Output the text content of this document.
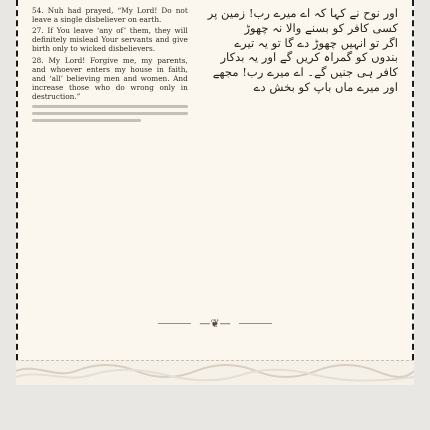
54. Nuh had prayed, “My Lord! Do not leave a single disbeliever on earth.

27. If You leave ‘any of’ them, they will definitely mislead Your servants and give birth only to wicked disbelievers.

28. My Lord! Forgive me, my parents, and whoever enters my house in faith, and ‘all’ believing men and women. And increase those who do wrong only in destruction.”

اور نوح نے کہا کہ اے میرے رب! زمین پر
کسی کافر کو بسنے والا نہ چھوڑ
اگر تو انہیں چھوڑ دے گا تو یہ تیرے
بندوں کو گمراہ کریں گے اور یہ بدکار
کافر ہی جنیں گے۔ اے میرے رب! مجھے
اور میرے ماں باپ کو بخش دے
—❦—
